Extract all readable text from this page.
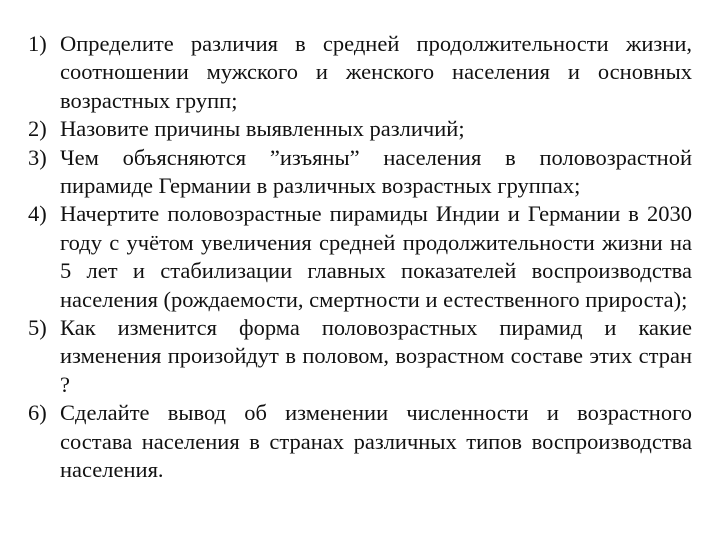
1) Определите различия в средней продолжительности жизни, соотношении мужского и женского населения и основных возрастных групп;
2) Назовите причины выявленных различий;
3) Чем объясняются ”изъяны” населения в половозрастной пирамиде Германии в различных возрастных группах;
4) Начертите половозрастные пирамиды Индии и Германии в 2030 году с учётом увеличения средней продолжительности жизни на 5 лет и стабилизации главных показателей воспроизводства населения (рождаемости, смертности и естественного прироста);
5) Как изменится форма половозрастных пирамид и какие изменения произойдут в половом, возрастном составе этих стран ?
6) Сделайте вывод об изменении численности и возрастного состава населения в странах различных типов воспроизводства населения.
